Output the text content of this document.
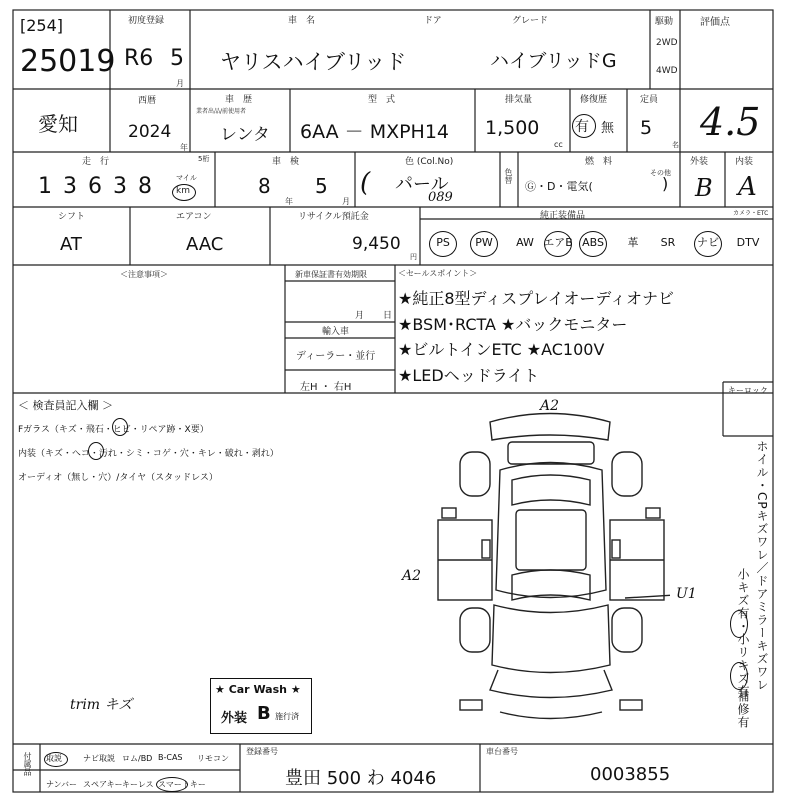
[254]
25019
初度登録
R6 5
月
車　名
ヤリスハイブリッド
ドア	グレード
ハイブリッドG
駆動
2WD
4WD
評価点
愛知
西暦
2024
年
車　歴
業者出品/前使用者
レンタ
型　式
6AA － MXPH14
排気量
1,500
cc
修復歴
有 無
定員
5
名
4.5
走　行	5桁
1 3 6 3 8	マイル
km
車　検
8
年
5
月
色 (Col.No)
( パール
089
色替
燃　料
その他
Ⓖ・D・電気(	)
外装
B
内装
A
シフト
AT
エアコン
AAC
リサイクル預託金
9,450
円
純正装備品	カメラ・ETC
PS	PW	AW エアB ABS	革	SR	ナビ	DTV
＜注意事項＞	新車保証書有効期限
月 日
輸入車
ディーラー・並行
左H ・ 右H
＜セールスポイント＞
★純正8型ディスプレイオーディオナビ
★BSM･RCTA ★バックモニター
★ビルトインETC ★AC100V
★LEDヘッドライト
＜ 検査員記入欄 ＞
Fガラス（キズ・飛石・ヒビ・リペア跡・X要）
内装（キズ・へコ・汚れ・シミ・コゲ・穴・キレ・破れ・剥れ）
オーディオ（無し・穴）/タイヤ（スタッドレス）
trim キズ
キーロック
A2
A2
U1	ホイル・CPキズワレ／ドアミラーキズワレ
小キズ有・小リキズ有
補修有
★ Car Wash ★
外装 B 施行済
付属品 取説	ナビ取説 ロム/BD B-CAS リモコン
ナンバー スペアキー キーレス スマートキー
登録番号
豊田 500 わ 4046
車台番号
0003855
